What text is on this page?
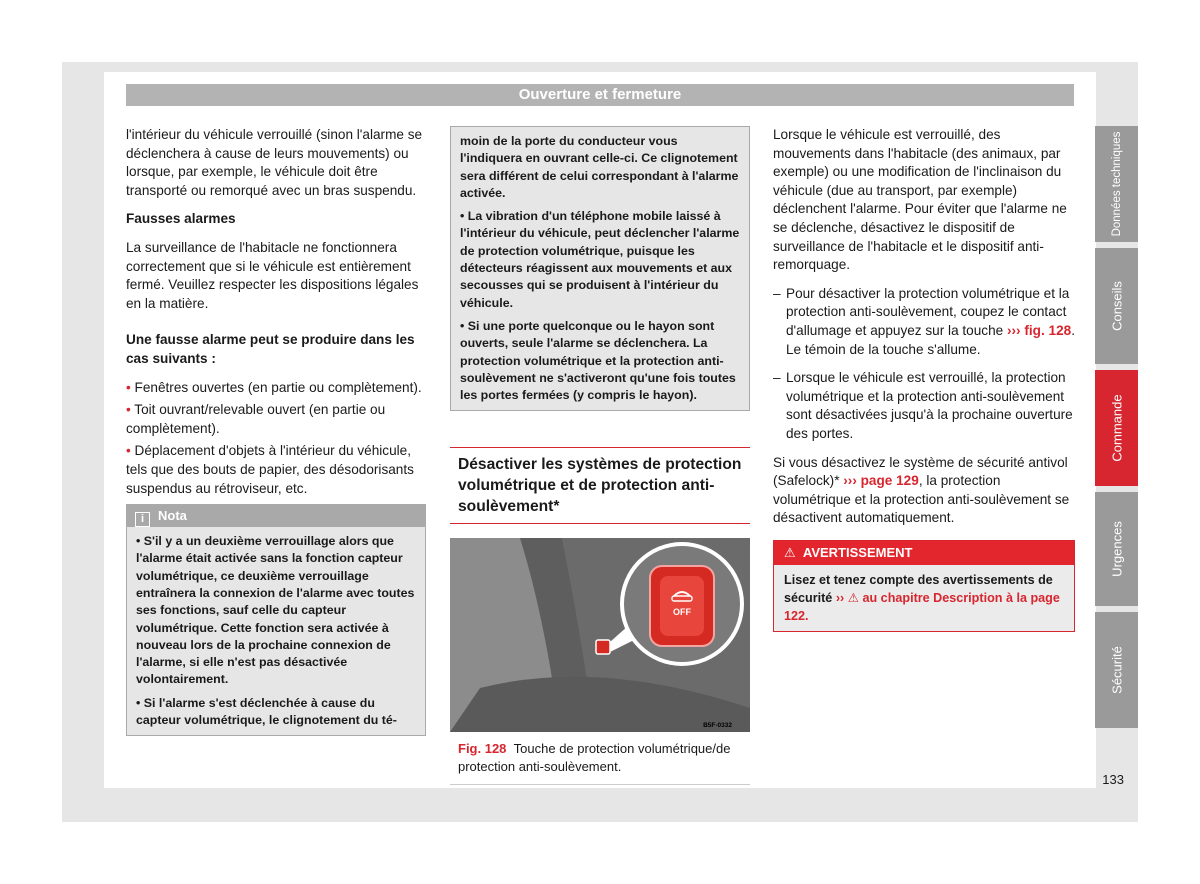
Ouverture et fermeture

l'intérieur du véhicule verrouillé (sinon l'alarme se déclenchera à cause de leurs mouvements) ou lorsque, par exemple, le véhicule doit être transporté ou remorqué avec un bras suspendu.

Fausses alarmes

La surveillance de l'habitacle ne fonctionnera correctement que si le véhicule est entièrement fermé. Veuillez respecter les dispositions légales en la matière.

Une fausse alarme peut se produire dans les cas suivants :

• Fenêtres ouvertes (en partie ou complètement).

• Toit ouvrant/relevable ouvert (en partie ou complètement).

• Déplacement d'objets à l'intérieur du véhicule, tels que des bouts de papier, des désodorisants suspendus au rétroviseur, etc.

i Nota

• S'il y a un deuxième verrouillage alors que l'alarme était activée sans la fonction capteur volumétrique, ce deuxième verrouillage entraînera la connexion de l'alarme avec toutes ses fonctions, sauf celle du capteur volumétrique. Cette fonction sera activée à nouveau lors de la prochaine connexion de l'alarme, si elle n'est pas désactivée volontairement.

• Si l'alarme s'est déclenchée à cause du capteur volumétrique, le clignotement du té-

moin de la porte du conducteur vous l'indiquera en ouvrant celle-ci. Ce clignotement sera différent de celui correspondant à l'alarme activée.

• La vibration d'un téléphone mobile laissé à l'intérieur du véhicule, peut déclencher l'alarme de protection volumétrique, puisque les détecteurs réagissent aux mouvements et aux secousses qui se produisent à l'intérieur du véhicule.

• Si une porte quelconque ou le hayon sont ouverts, seule l'alarme se déclenchera. La protection volumétrique et la protection anti-soulèvement ne s'activeront qu'une fois toutes les portes fermées (y compris le hayon).

Désactiver les systèmes de protection volumétrique et de protection anti-soulèvement*
OFF
B5F-0332
Fig. 128 Touche de protection volumétrique/de protection anti-soulèvement.

Lorsque le véhicule est verrouillé, des mouvements dans l'habitacle (des animaux, par exemple) ou une modification de l'inclinaison du véhicule (due au transport, par exemple) déclenchent l'alarme. Pour éviter que l'alarme ne se déclenche, désactivez le dispositif de surveillance de l'habitacle et le dispositif anti-remorquage.

– Pour désactiver la protection volumétrique et la protection anti-soulèvement, coupez le contact d'allumage et appuyez sur la touche ››› fig. 128. Le témoin de la touche s'allume.
– Lorsque le véhicule est verrouillé, la protection volumétrique et la protection anti-soulèvement sont désactivées jusqu'à la prochaine ouverture des portes.

Si vous désactivez le système de sécurité antivol (Safelock)* ››› page 129, la protection volumétrique et la protection anti-soulèvement se désactivent automatiquement.

⚠ AVERTISSEMENT
Lisez et tenez compte des avertissements de sécurité ›› ⚠ au chapitre Description à la page 122.
Données techniques
Conseils
Commande
Urgences
Sécurité
133
